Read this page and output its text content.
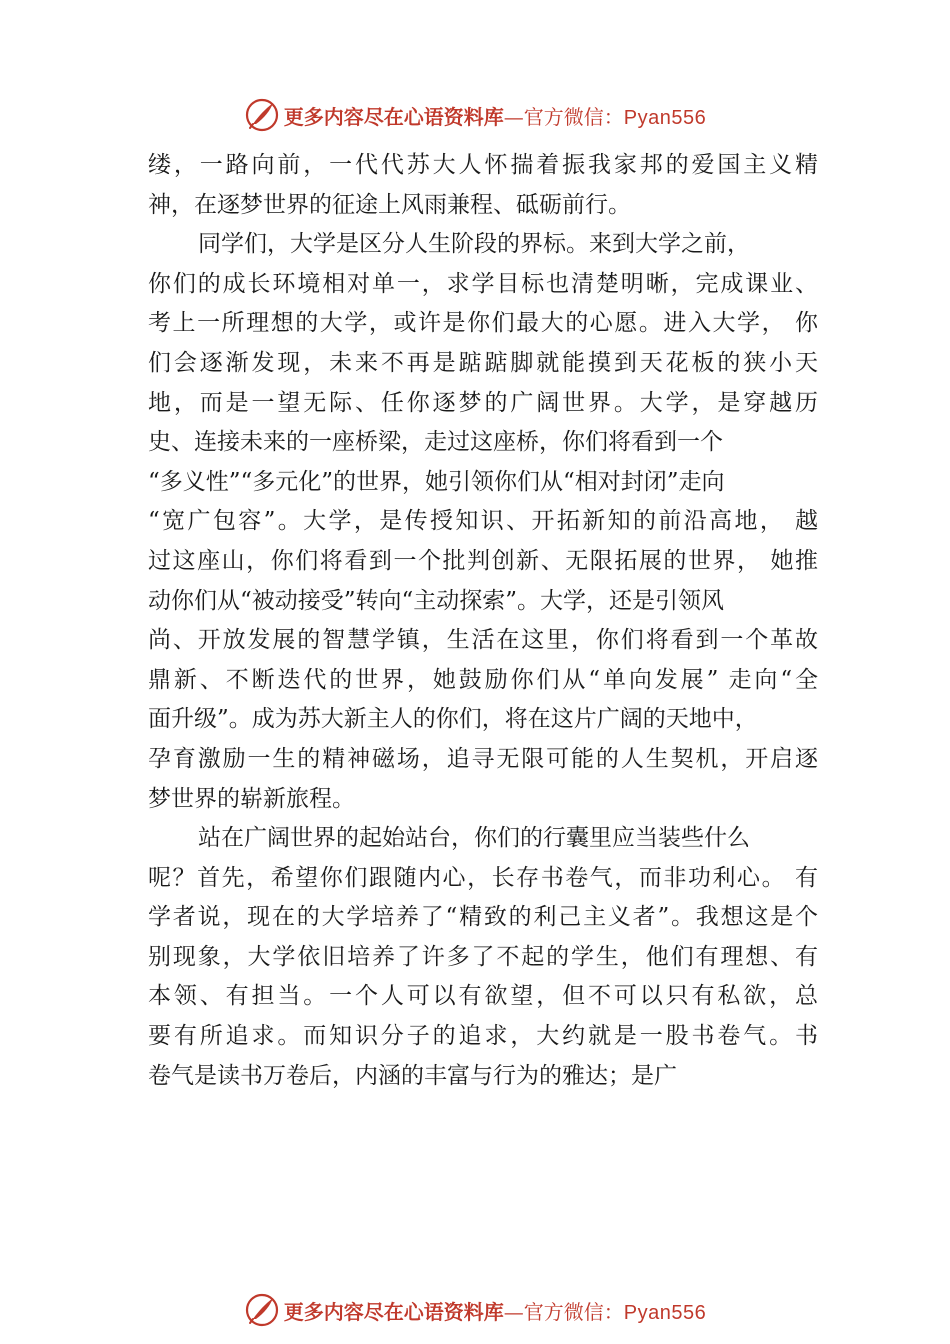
更多内容尽在心语资料库—官方微信：Pyan556
缕，一路向前，一代代苏大人怀揣着振我家邦的爱国主义精
神，在逐梦世界的征途上风雨兼程、砥砺前行。
同学们，大学是区分人生阶段的界标。来到大学之前，
你们的成长环境相对单一，求学目标也清楚明晰，完成课业、
考上一所理想的大学，或许是你们最大的心愿。进入大学， 你
们会逐渐发现，未来不再是踮踮脚就能摸到天花板的狭小天
地，而是一望无际、任你逐梦的广阔世界。大学，是穿越历
史、连接未来的一座桥梁，走过这座桥，你们将看到一个
“多义性”“多元化”的世界，她引领你们从“相对封闭”走向
“宽广包容”。大学，是传授知识、开拓新知的前沿高地， 越
过这座山，你们将看到一个批判创新、无限拓展的世界， 她推
动你们从“被动接受”转向“主动探索”。大学，还是引领风
尚、开放发展的智慧学镇，生活在这里，你们将看到一个革故
鼎新、不断迭代的世界，她鼓励你们从“单向发展” 走向“全
面升级”。成为苏大新主人的你们，将在这片广阔的天地中，
孕育激励一生的精神磁场，追寻无限可能的人生契机，开启逐
梦世界的崭新旅程。
站在广阔世界的起始站台，你们的行囊里应当装些什么
呢？首先，希望你们跟随内心，长存书卷气，而非功利心。 有
学者说，现在的大学培养了“精致的利己主义者”。我想这是个
别现象，大学依旧培养了许多了不起的学生，他们有理想、有
本领、有担当。一个人可以有欲望，但不可以只有私欲，总
要有所追求。而知识分子的追求，大约就是一股书卷气。书
卷气是读书万卷后，内涵的丰富与行为的雅达；是广
更多内容尽在心语资料库—官方微信：Pyan556
